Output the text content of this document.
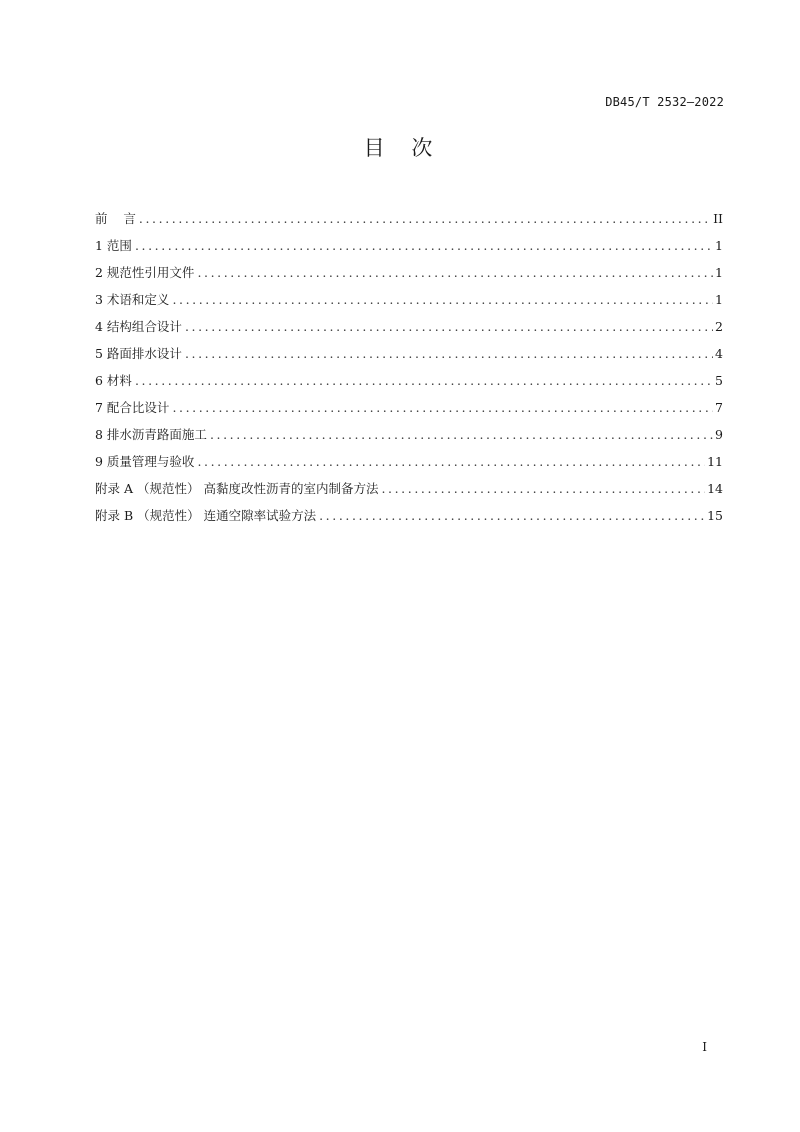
DB45/T 2532—2022
目 次
前    言 .....	II
1 范围 .....	1
2 规范性引用文件 .....	1
3 术语和定义 .....	1
4 结构组合设计 .....	2
5 路面排水设计 .....	4
6 材料 .....	5
7 配合比设计 .....	7
8 排水沥青路面施工 .....	9
9 质量管理与验收 .....	11
附录 A （规范性） 高黏度改性沥青的室内制备方法 .....	14
附录 B （规范性） 连通空隙率试验方法 .....	15
I
